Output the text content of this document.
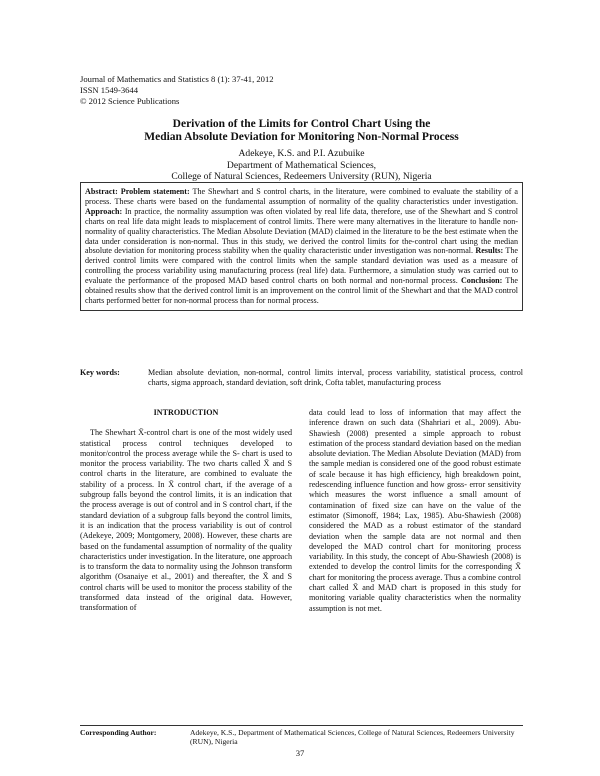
Journal of Mathematics and Statistics 8 (1): 37-41, 2012
ISSN 1549-3644
© 2012 Science Publications
Derivation of the Limits for Control Chart Using the
Median Absolute Deviation for Monitoring Non-Normal Process
Adekeye, K.S. and P.I. Azubuike
Department of Mathematical Sciences,
College of Natural Sciences, Redeemers University (RUN), Nigeria
Abstract: Problem statement: The Shewhart and S control charts, in the literature, were combined to evaluate the stability of a process. These charts were based on the fundamental assumption of normality of the quality characteristics under investigation. Approach: In practice, the normality assumption was often violated by real life data, therefore, use of the Shewhart and S control charts on real life data might leads to misplacement of control limits. There were many alternatives in the literature to handle non-normality of quality characteristics. The Median Absolute Deviation (MAD) claimed in the literature to be the best estimate when the data under consideration is non-normal. Thus in this study, we derived the control limits for the-control chart using the median absolute deviation for monitoring process stability when the quality characteristic under investigation was non-normal. Results: The derived control limits were compared with the control limits when the sample standard deviation was used as a measure of controlling the process variability using manufacturing process (real life) data. Furthermore, a simulation study was carried out to evaluate the performance of the proposed MAD based control charts on both normal and non-normal process. Conclusion: The obtained results show that the derived control limit is an improvement on the control limit of the Shewhart and that the MAD control charts performed better for non-normal process than for normal process.
Key words:	Median absolute deviation, non-normal, control limits interval, process variability, statistical process, control charts, sigma approach, standard deviation, soft drink, Cofta tablet, manufacturing process

INTRODUCTION

The Shewhart X̄-control chart is one of the most widely used statistical process control techniques developed to monitor/control the process average while the S- chart is used to monitor the process variability. The two charts called X̄ and S control charts in the literature, are combined to evaluate the stability of a process. In X̄ control chart, if the average of a subgroup falls beyond the control limits, it is an indication that the process average is out of control and in S control chart, if the standard deviation of a subgroup falls beyond the control limits, it is an indication that the process variability is out of control (Adekeye, 2009; Montgomery, 2008). However, these charts are based on the fundamental assumption of normality of the quality characteristics under investigation. In the literature, one approach is to transform the data to normality using the Johnson transform algorithm (Osanaiye et al., 2001) and thereafter, the X̄ and S control charts will be used to monitor the process stability of the transformed data instead of the original data. However, transformation of

data could lead to loss of information that may affect the inference drawn on such data (Shahriari et al., 2009). Abu-Shawiesh (2008) presented a simple approach to robust estimation of the process standard deviation based on the median absolute deviation. The Median Absolute Deviation (MAD) from the sample median is considered one of the good robust estimate of scale because it has high efficiency, high breakdown point, redescending influence function and how gross- error sensitivity which measures the worst influence a small amount of contamination of fixed size can have on the value of the estimator (Simonoff, 1984; Lax, 1985). Abu-Shawiesh (2008) considered the MAD as a robust estimator of the standard deviation when the sample data are not normal and then developed the MAD control chart for monitoring process variability. In this study, the concept of Abu-Shawiesh (2008) is extended to develop the control limits for the corresponding X̄ chart for monitoring the process average. Thus a combine control chart called X̄ and MAD chart is proposed in this study for monitoring variable quality characteristics when the normality assumption is not met.

Corresponding Author:	Adekeye, K.S., Department of Mathematical Sciences, College of Natural Sciences, Redeemers University (RUN), Nigeria
37
